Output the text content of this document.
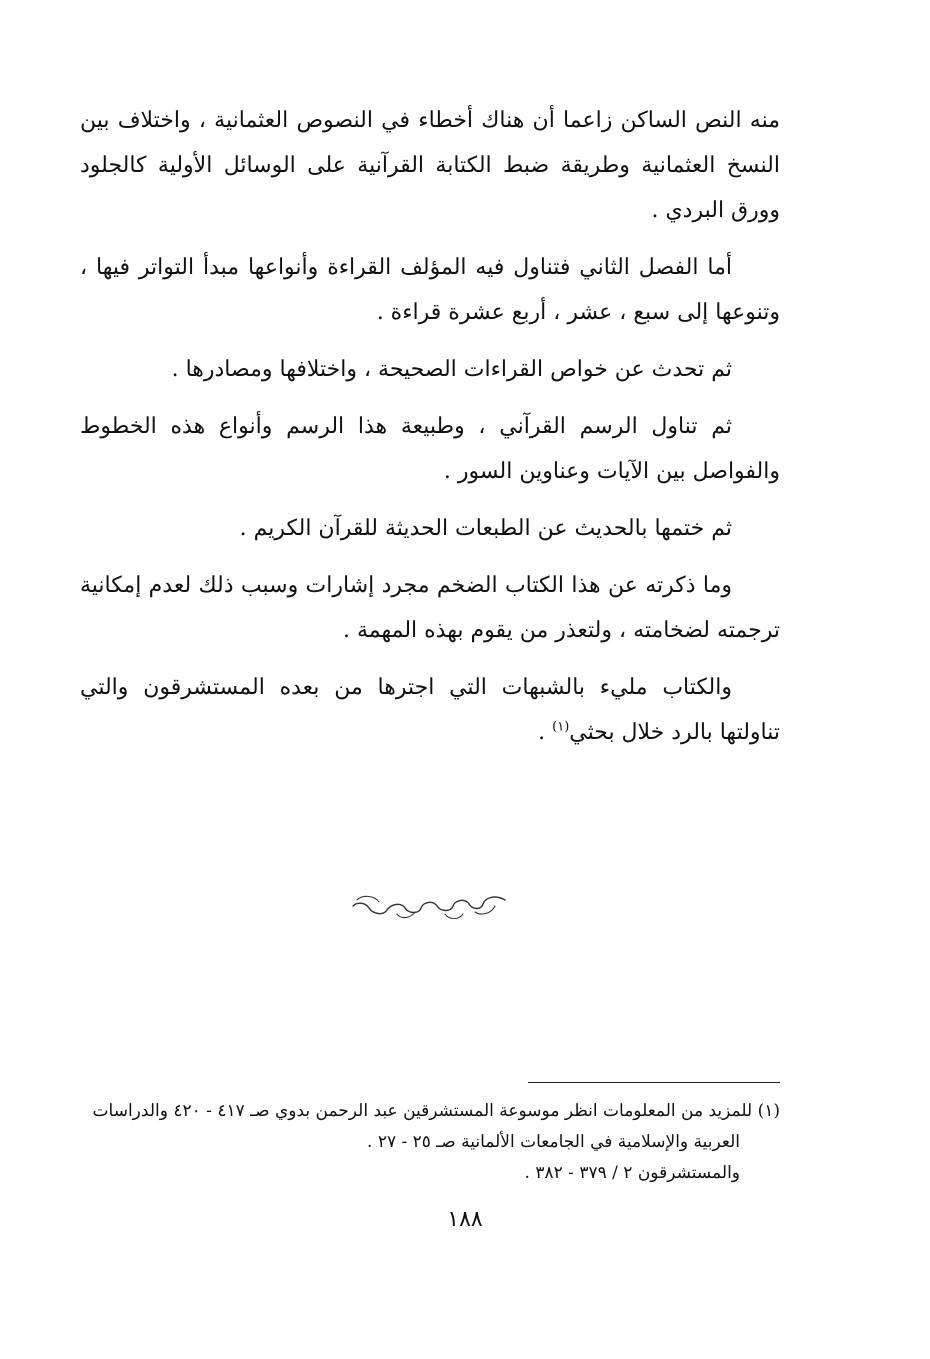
منه النص الساكن زاعما أن هناك أخطاء في النصوص العثمانية ، واختلاف بين النسخ العثمانية وطريقة ضبط الكتابة القرآنية على الوسائل الأولية كالجلود وورق البردي .

أما الفصل الثاني فتناول فيه المؤلف القراءة وأنواعها مبدأ التواتر فيها ، وتنوعها إلى سبع ، عشر ، أربع عشرة قراءة .

ثم تحدث عن خواص القراءات الصحيحة ، واختلافها ومصادرها .

ثم تناول الرسم القرآني ، وطبيعة هذا الرسم وأنواع هذه الخطوط والفواصل بين الآيات وعناوين السور .

ثم ختمها بالحديث عن الطبعات الحديثة للقرآن الكريم .

وما ذكرته عن هذا الكتاب الضخم مجرد إشارات وسبب ذلك لعدم إمكانية ترجمته لضخامته ، ولتعذر من يقوم بهذه المهمة .

والكتاب مليء بالشبهات التي اجترها من بعده المستشرقون والتي تناولتها بالرد خلال بحثي$^{(١)}$ .

(١) للمزيد من المعلومات انظر موسوعة المستشرقين عبد الرحمن بدوي صـ ٤١٧ - ٤٢٠ والدراسات
العربية والإسلامية في الجامعات الألمانية صـ ٢٥ - ٢٧ .
والمستشرقون ٢ / ٣٧٩ - ٣٨٢ .
١٨٨
